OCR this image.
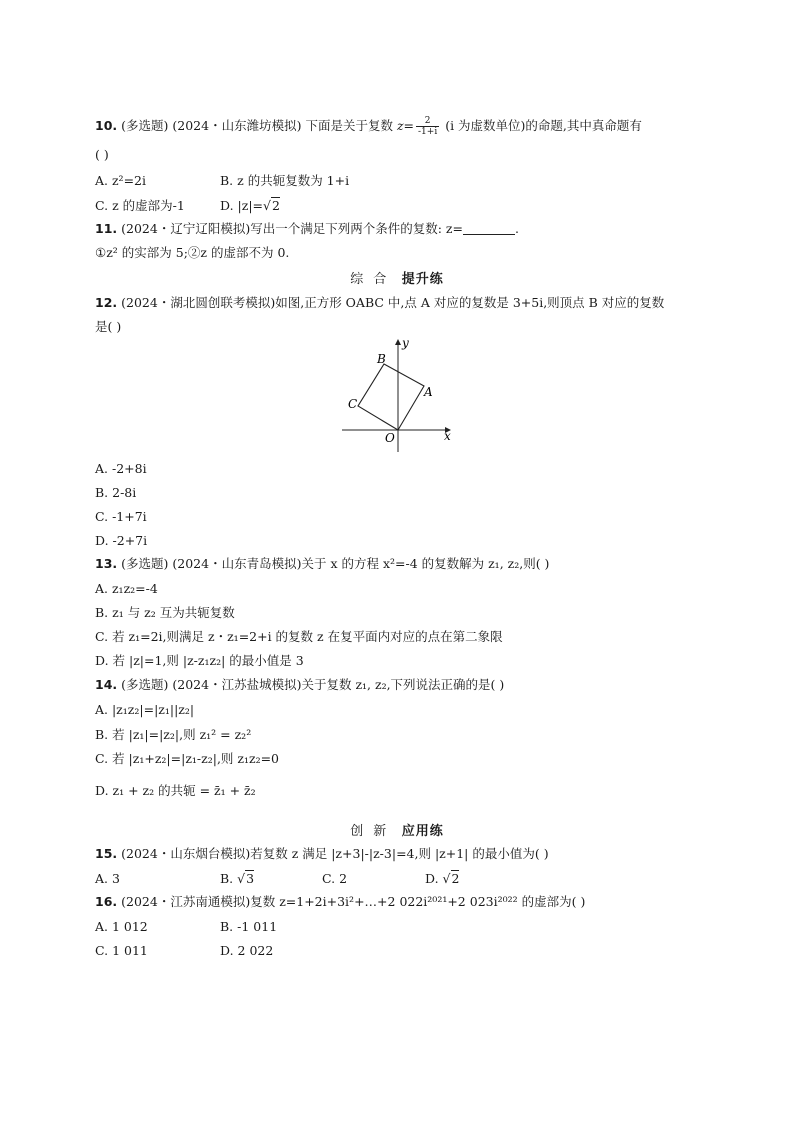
10. (多选题) (2024・山东潍坊模拟) 下面是关于复数 $z= \frac{2}{-1+i} (i$ 为虚数单位)的命题,其中真命题有
( )
A. z²=2i	B. z 的共轭复数为 1+i
C. z 的虚部为-1	D. |z|=√2
11. (2024・辽宁辽阳模拟)写出一个满足下列两个条件的复数: z=	.
①z² 的实部为 5;②z 的虚部不为 0.
综合 提升练
12. (2024・湖北圆创联考模拟)如图,正方形 OABC 中,点 A 对应的复数是 3+5i,则顶点 B 对应的复数
是( )
B
A
C
O	x
y
A. -2+8i
B. 2-8i
C. -1+7i
D. -2+7i
13. (多选题) (2024・山东青岛模拟)关于 x 的方程 x²=-4 的复数解为 z₁, z₂,则( )
A. z₁z₂=-4
B. z₁ 与 z₂ 互为共轭复数
C. 若 z₁=2i,则满足 z・z₁=2+i 的复数 z 在复平面内对应的点在第二象限
D. 若 |z|=1,则 |z-z₁z₂| 的最小值是 3
14. (多选题) (2024・江苏盐城模拟)关于复数 z₁, z₂,下列说法正确的是( )
A. |z₁z₂|=|z₁||z₂|
B. 若 |z₁|=|z₂|,则 z₁² = z₂²
C. 若 |z₁+z₂|=|z₁-z₂|,则 z₁z₂=0
D. z₁ + z₂ 的共轭 = z̄₁ + z̄₂
创新 应用练
15. (2024・山东烟台模拟)若复数 z 满足 |z+3|-|z-3|=4,则 |z+1| 的最小值为( )
A. 3	B. √3	C. 2	D. √2
16. (2024・江苏南通模拟)复数 z=1+2i+3i²+…+2 022i²⁰²¹+2 023i²⁰²² 的虚部为( )
A. 1 012	B. -1 011
C. 1 011	D. 2 022
